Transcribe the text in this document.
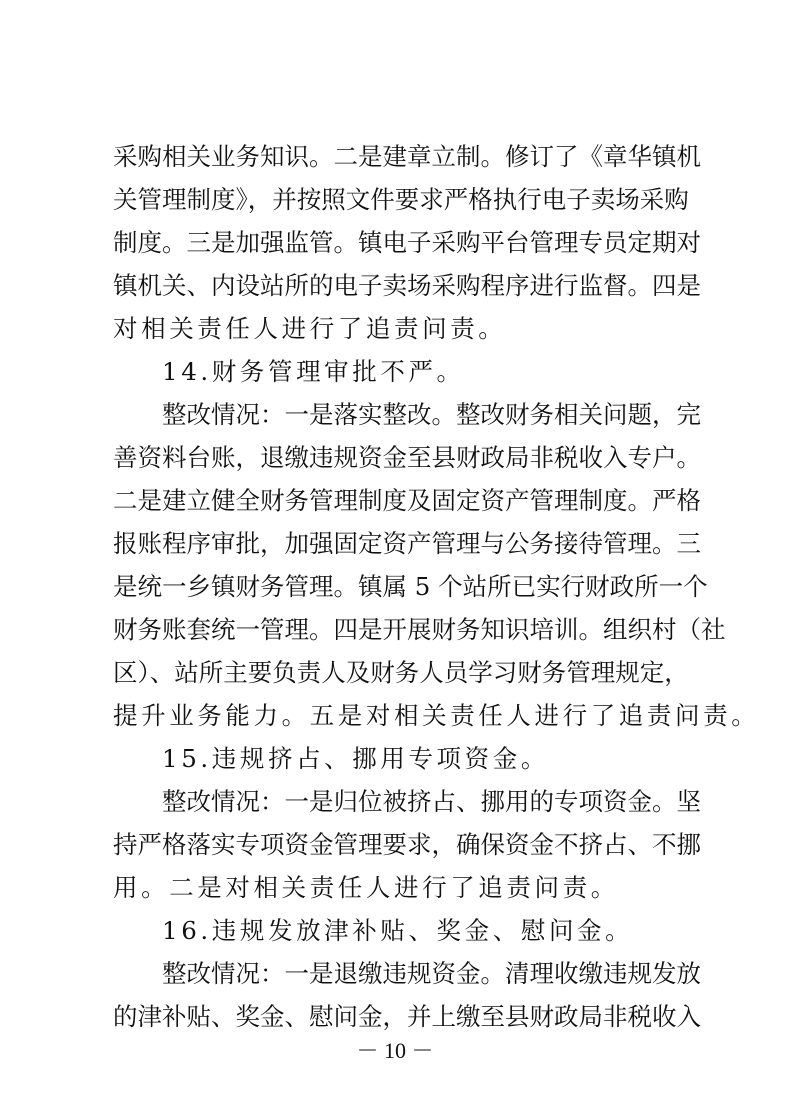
采购相关业务知识。二是建章立制。修订了《章华镇机
关管理制度》，并按照文件要求严格执行电子卖场采购
制度。三是加强监管。镇电子采购平台管理专员定期对
镇机关、内设站所的电子卖场采购程序进行监督。四是
对相关责任人进行了追责问责。
14.财务管理审批不严。
整改情况：一是落实整改。整改财务相关问题，完
善资料台账，退缴违规资金至县财政局非税收入专户。
二是建立健全财务管理制度及固定资产管理制度。严格
报账程序审批，加强固定资产管理与公务接待管理。三
是统一乡镇财务管理。镇属 5 个站所已实行财政所一个
财务账套统一管理。四是开展财务知识培训。组织村（社
区）、站所主要负责人及财务人员学习财务管理规定，
提升业务能力。五是对相关责任人进行了追责问责。
15.违规挤占、挪用专项资金。
整改情况：一是归位被挤占、挪用的专项资金。坚
持严格落实专项资金管理要求，确保资金不挤占、不挪
用。二是对相关责任人进行了追责问责。
16.违规发放津补贴、奖金、慰问金。
整改情况：一是退缴违规资金。清理收缴违规发放
的津补贴、奖金、慰问金，并上缴至县财政局非税收入
－ 10 －
